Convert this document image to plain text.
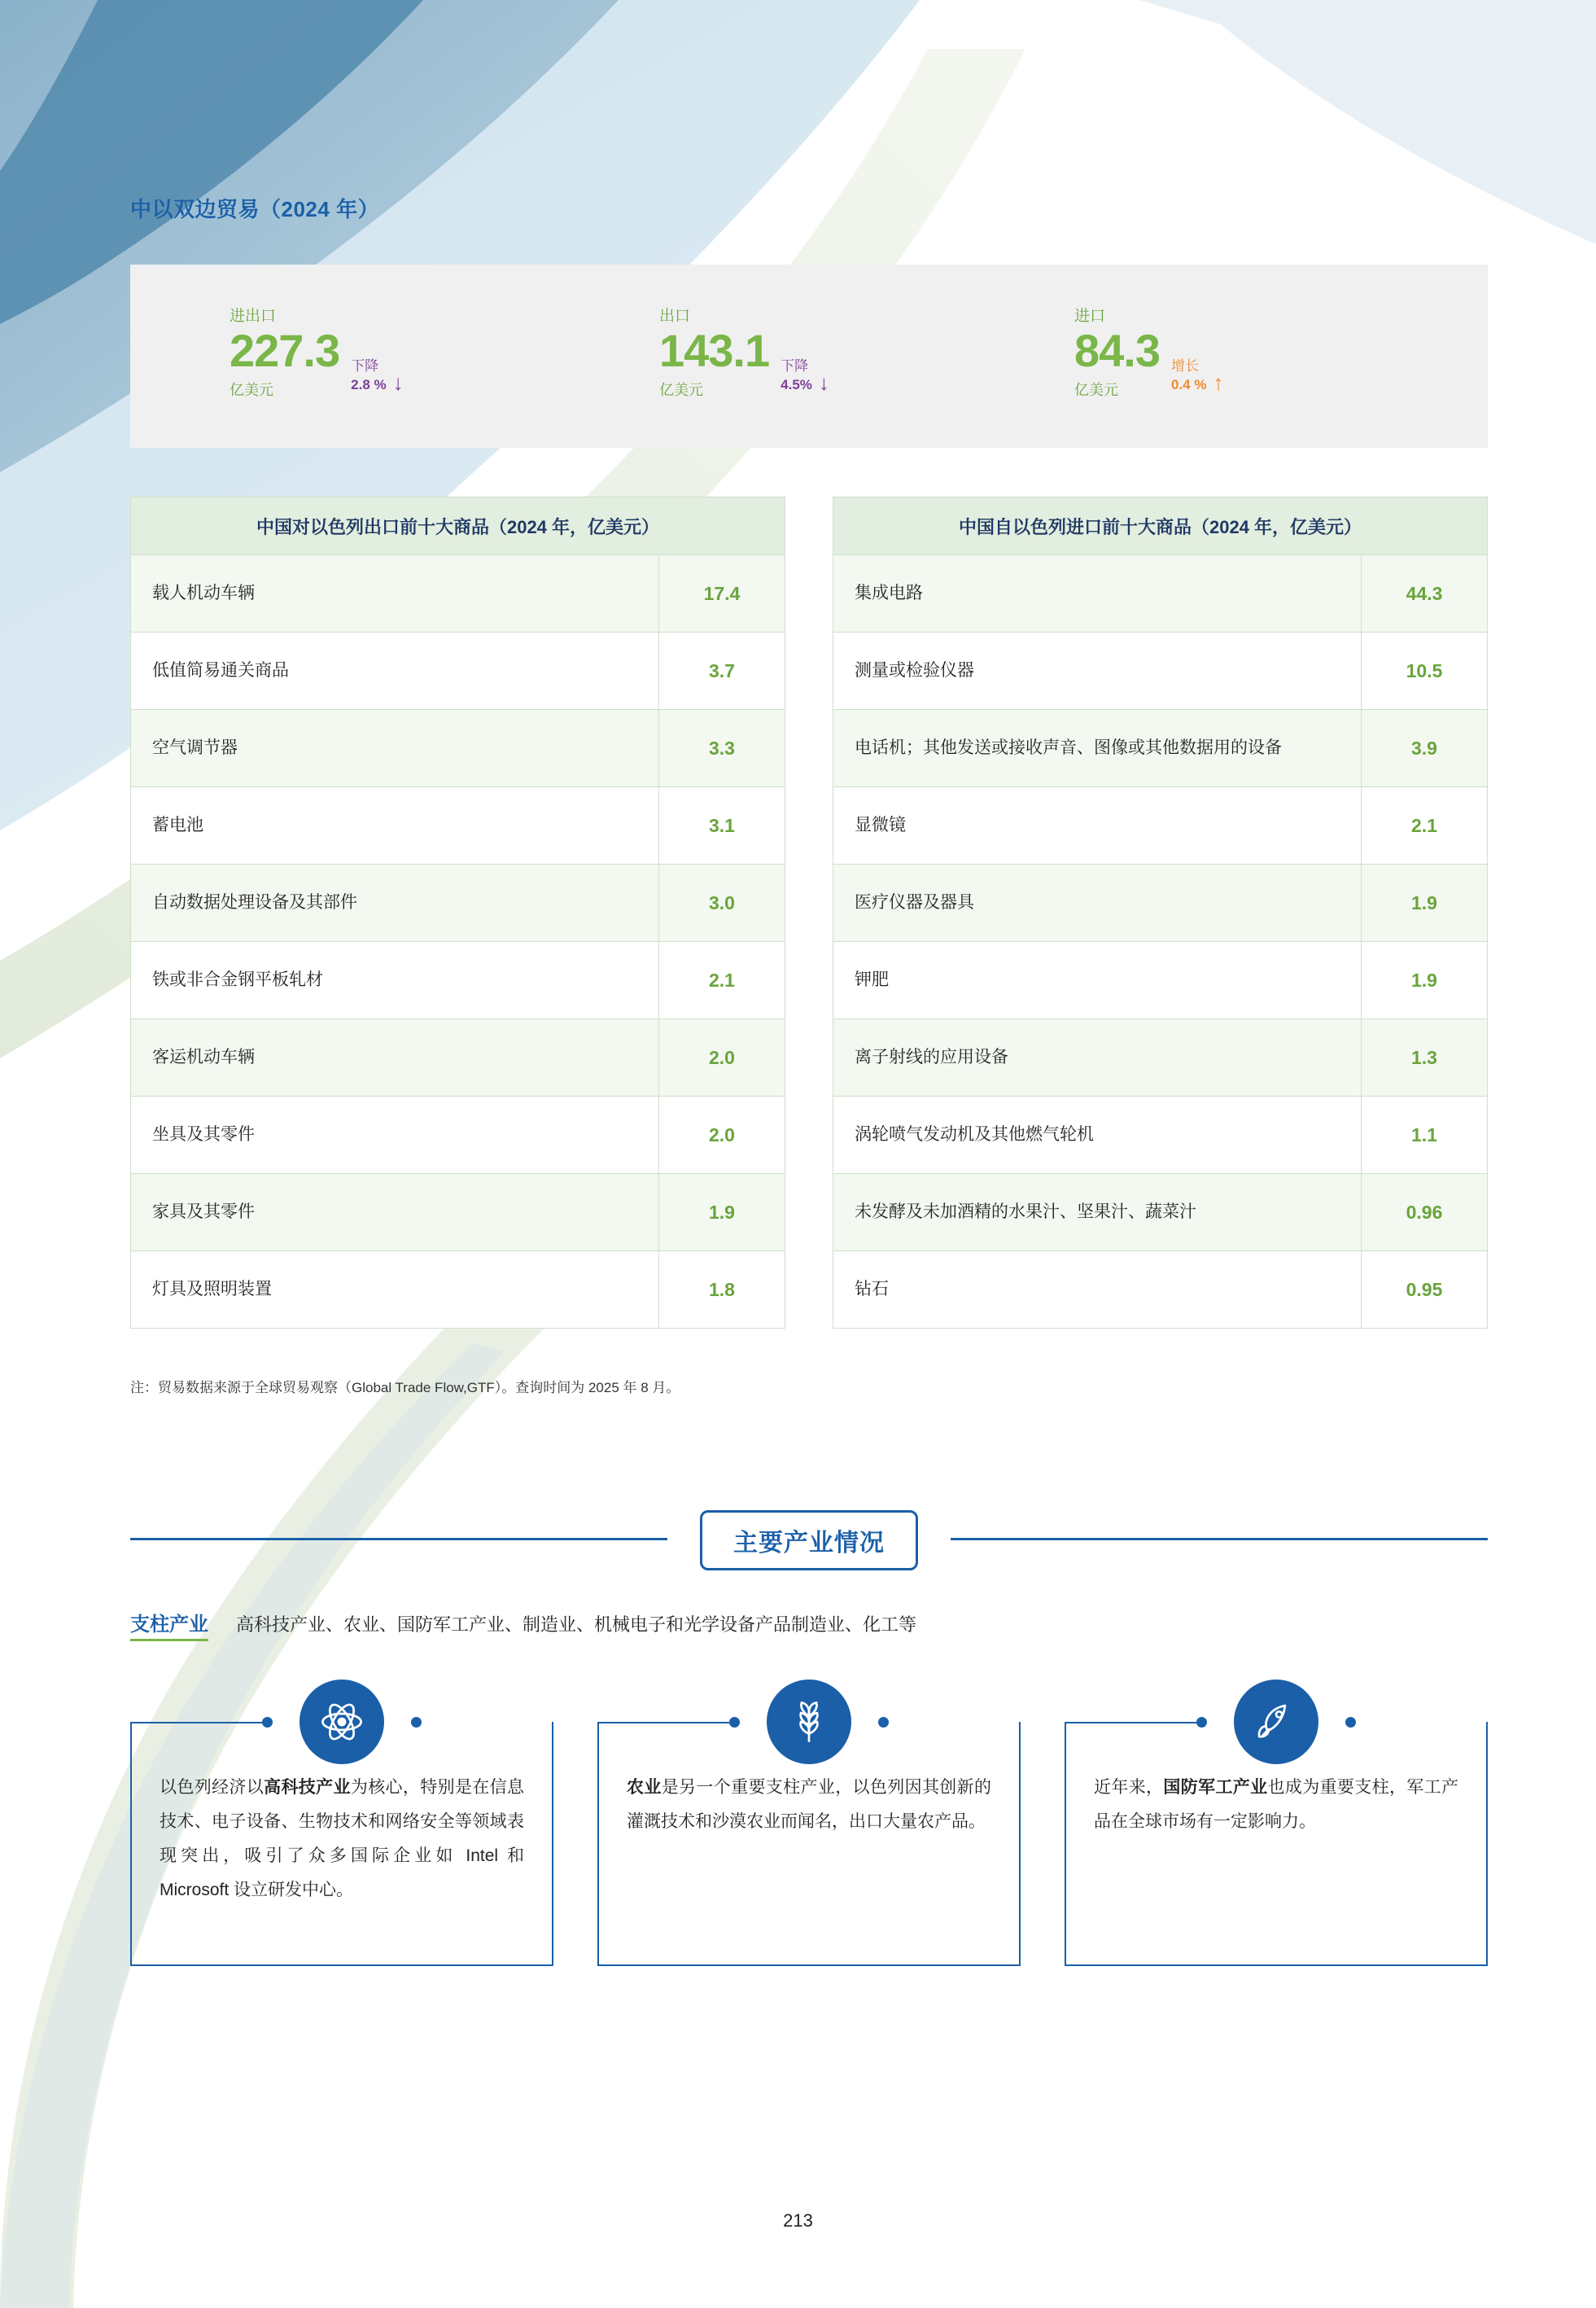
中以双边贸易（2024 年）
进出口
227.3
亿美元
下降
2.8 % ↓
出口
143.1
亿美元
下降
4.5% ↓
进口
84.3
亿美元
增长
0.4 % ↑
中国对以色列出口前十大商品（2024 年，亿美元）
载人机动车辆	17.4
低值简易通关商品	3.7
空气调节器	3.3
蓄电池	3.1
自动数据处理设备及其部件	3.0
铁或非合金钢平板轧材	2.1
客运机动车辆	2.0
坐具及其零件	2.0
家具及其零件	1.9
灯具及照明装置	1.8
中国自以色列进口前十大商品（2024 年，亿美元）
集成电路	44.3
测量或检验仪器	10.5
电话机；其他发送或接收声音、图像或其他数据用的设备	3.9
显微镜	2.1
医疗仪器及器具	1.9
钾肥	1.9
离子射线的应用设备	1.3
涡轮喷气发动机及其他燃气轮机	1.1
未发酵及未加酒精的水果汁、坚果汁、蔬菜汁	0.96
钻石	0.95
注：贸易数据来源于全球贸易观察（Global Trade Flow,GTF）。查询时间为 2025 年 8 月。
主要产业情况
支柱产业 高科技产业、农业、国防军工产业、制造业、机械电子和光学设备产品制造业、化工等

以色列经济以高科技产业为核心，特别是在信息技术、电子设备、生物技术和网络安全等领域表现突出，吸引了众多国际企业如 Intel 和 Microsoft 设立研发中心。

农业是另一个重要支柱产业，以色列因其创新的灌溉技术和沙漠农业而闻名，出口大量农产品。

近年来，国防军工产业也成为重要支柱，军工产品在全球市场有一定影响力。

213
